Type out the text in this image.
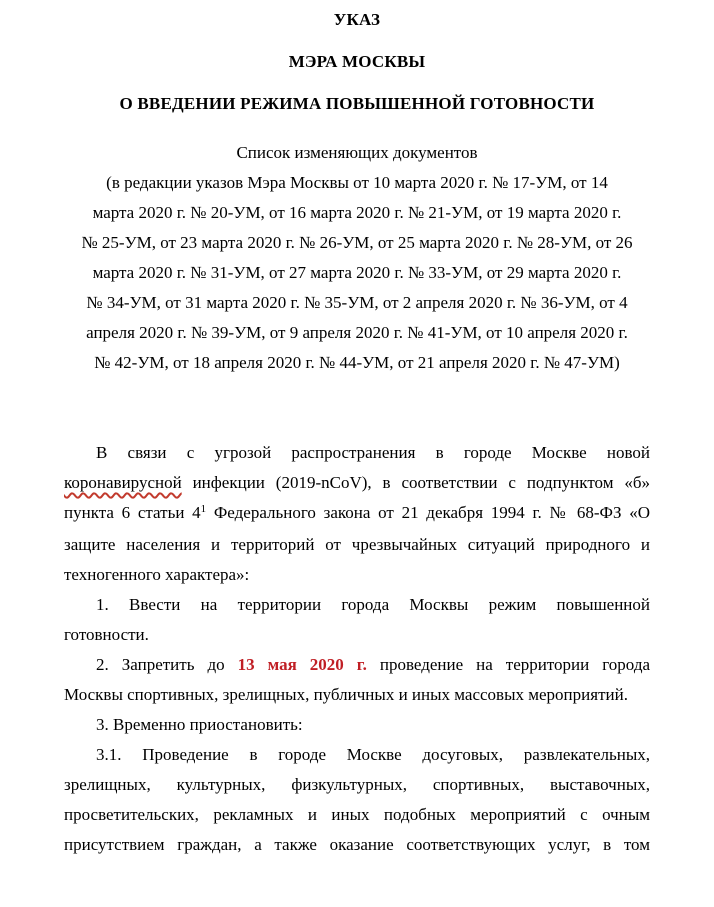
УКАЗ
МЭРА МОСКВЫ
О ВВЕДЕНИИ РЕЖИМА ПОВЫШЕННОЙ ГОТОВНОСТИ
Список изменяющих документов
(в редакции указов Мэра Москвы от 10 марта 2020 г. № 17-УМ, от 14
марта 2020 г. № 20-УМ, от 16 марта 2020 г. № 21-УМ, от 19 марта 2020 г.
№ 25-УМ, от 23 марта 2020 г. № 26-УМ, от 25 марта 2020 г. № 28-УМ, от 26
марта 2020 г. № 31-УМ, от 27 марта 2020 г. № 33-УМ, от 29 марта 2020 г.
№ 34-УМ, от 31 марта 2020 г. № 35-УМ, от 2 апреля 2020 г. № 36-УМ, от 4
апреля 2020 г. № 39-УМ, от 9 апреля 2020 г. № 41-УМ, от 10 апреля 2020 г.
№ 42-УМ, от 18 апреля 2020 г. № 44-УМ, от 21 апреля 2020 г. № 47-УМ)
В связи с угрозой распространения в городе Москве новой
коронавирусной инфекции (2019-nCoV), в соответствии с подпунктом «б»
пункта 6 статьи $4^1$ Федерального закона от 21 декабря 1994 г. № 68-ФЗ «О
защите населения и территорий от чрезвычайных ситуаций природного и
техногенного характера»:
1. Ввести на территории города Москвы режим повышенной
готовности.
2. Запретить до 13 мая 2020 г. проведение на территории города
Москвы спортивных, зрелищных, публичных и иных массовых мероприятий.
3. Временно приостановить:
3.1. Проведение в городе Москве досуговых, развлекательных,
зрелищных, культурных, физкультурных, спортивных, выставочных,
просветительских, рекламных и иных подобных мероприятий с очным
присутствием граждан, а также оказание соответствующих услуг, в том
